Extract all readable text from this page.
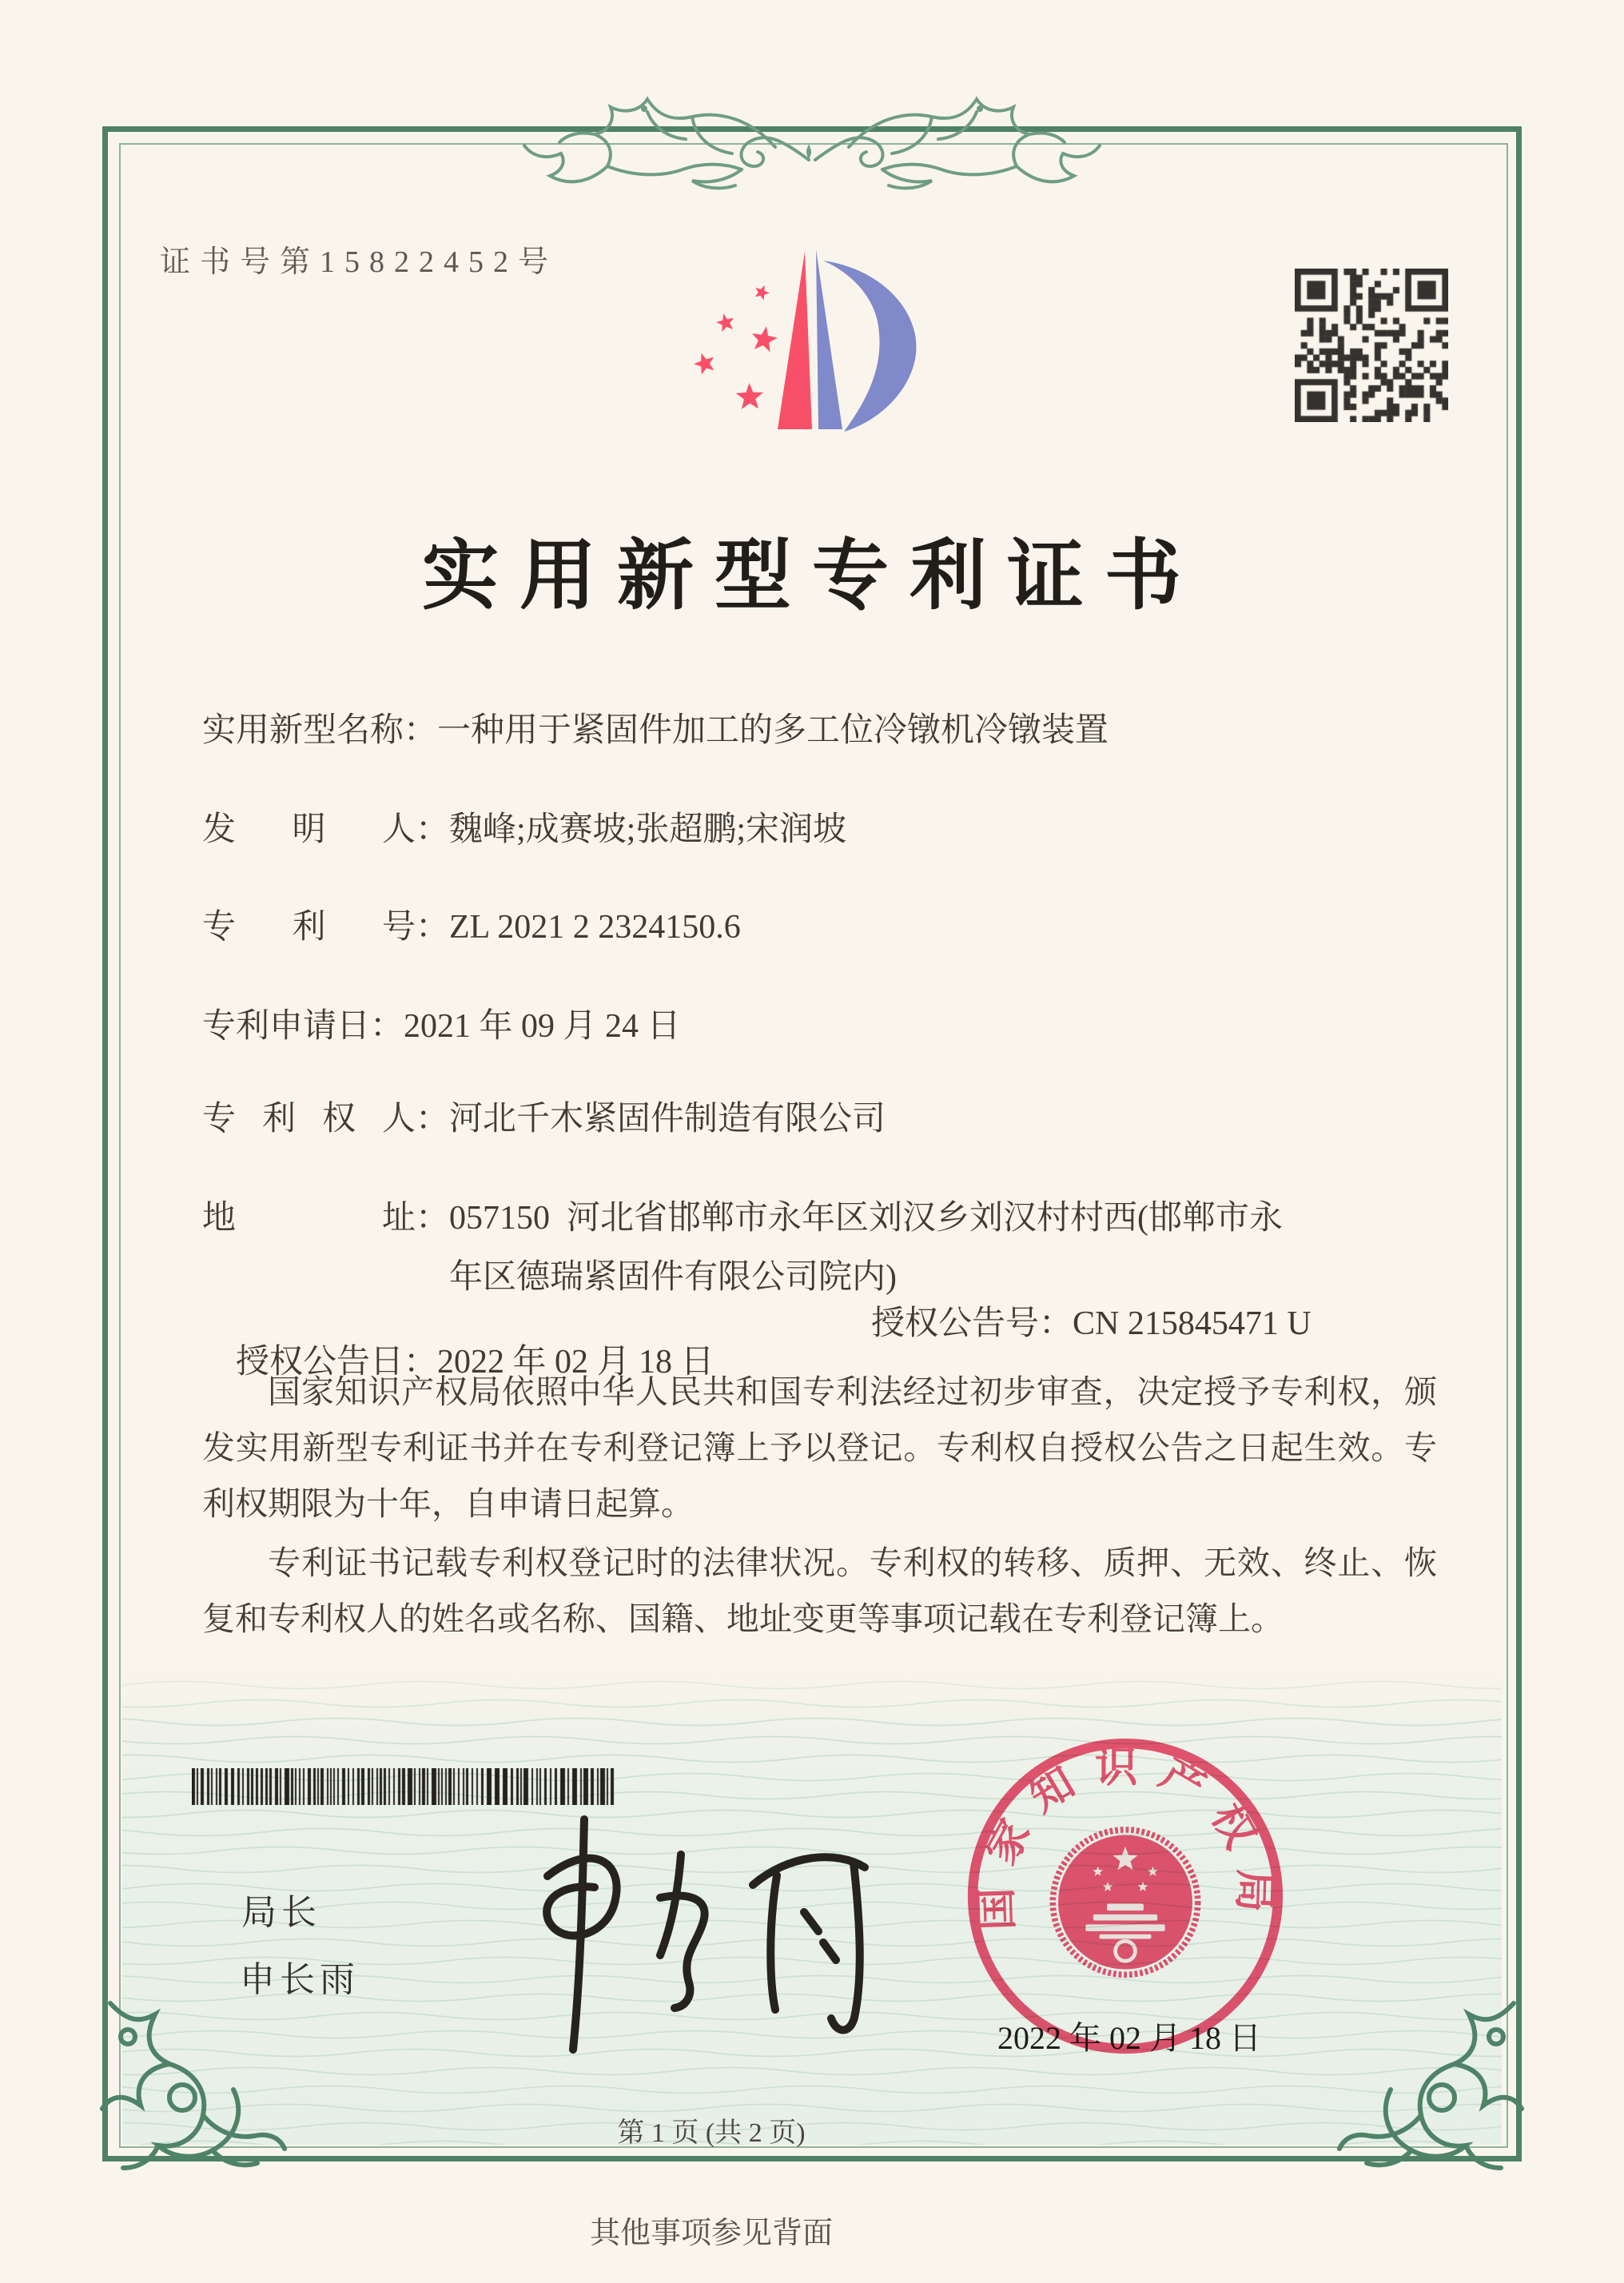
证书号第15822452号
实用新型专利证书
实用新型名称：一种用于紧固件加工的多工位冷镦机冷镦装置
发明人：魏峰;成赛坡;张超鹏;宋润坡
专利号：ZL 2021 2 2324150.6
专利申请日：2021 年 09 月 24 日
专利权人：河北千木紧固件制造有限公司
地址：057150  河北省邯郸市永年区刘汉乡刘汉村村西(邯郸市永
年区德瑞紧固件有限公司院内)

授权公告日：2022 年 02 月 18 日

授权公告号：CN 215845471 U

国家知识产权局依照中华人民共和国专利法经过初步审查，决定授予专利权，颁发实用新型专利证书并在专利登记簿上予以登记。专利权自授权公告之日起生效。专利权期限为十年，自申请日起算。

专利证书记载专利权登记时的法律状况。专利权的转移、质押、无效、终止、恢复和专利权人的姓名或名称、国籍、地址变更等事项记载在专利登记簿上。

局长
申长雨
2022 年 02 月 18 日
国家知识产权局
第 1 页 (共 2 页)
其他事项参见背面
